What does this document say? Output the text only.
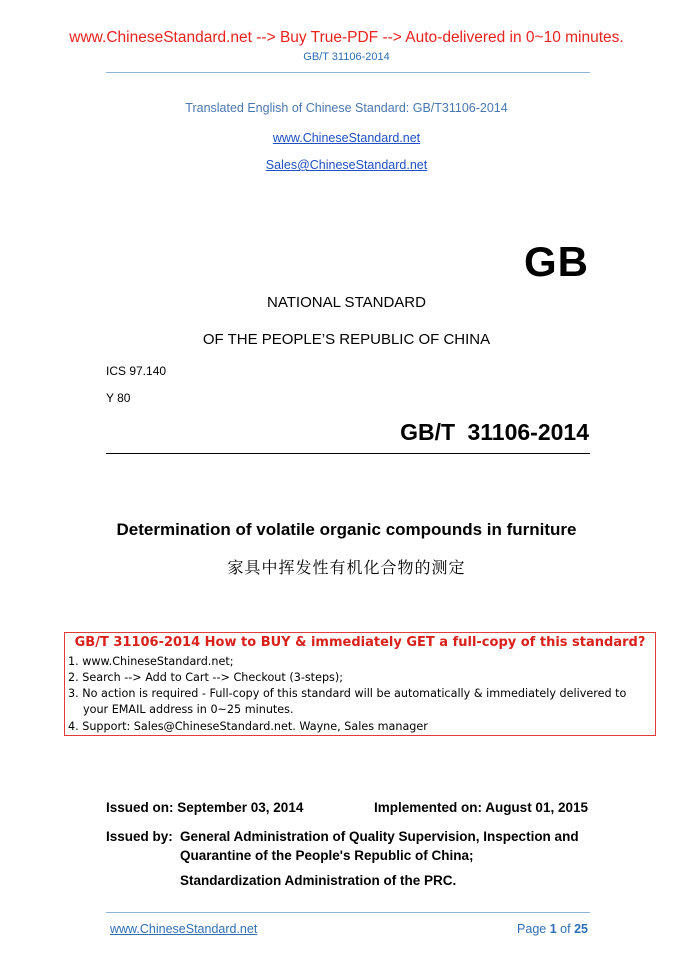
www.ChineseStandard.net --> Buy True-PDF --> Auto-delivered in 0~10 minutes.
GB/T 31106-2014
Translated English of Chinese Standard: GB/T31106-2014
www.ChineseStandard.net
Sales@ChineseStandard.net
GB
NATIONAL STANDARD
OF THE PEOPLE’S REPUBLIC OF CHINA
ICS 97.140
Y 80
GB/T 31106-2014
Determination of volatile organic compounds in furniture
家具中挥发性有机化合物的测定
GB/T 31106-2014 How to BUY & immediately GET a full-copy of this standard?
1. www.ChineseStandard.net;
2. Search --> Add to Cart --> Checkout (3-steps);
3. No action is required - Full-copy of this standard will be automatically & immediately delivered to
your EMAIL address in 0~25 minutes.
4. Support: Sales@ChineseStandard.net. Wayne, Sales manager
Issued on: September 03, 2014	Implemented on: August 01, 2015
Issued by: General Administration of Quality Supervision, Inspection and
Quarantine of the People's Republic of China;
Standardization Administration of the PRC.
www.ChineseStandard.net	Page 1 of 25
